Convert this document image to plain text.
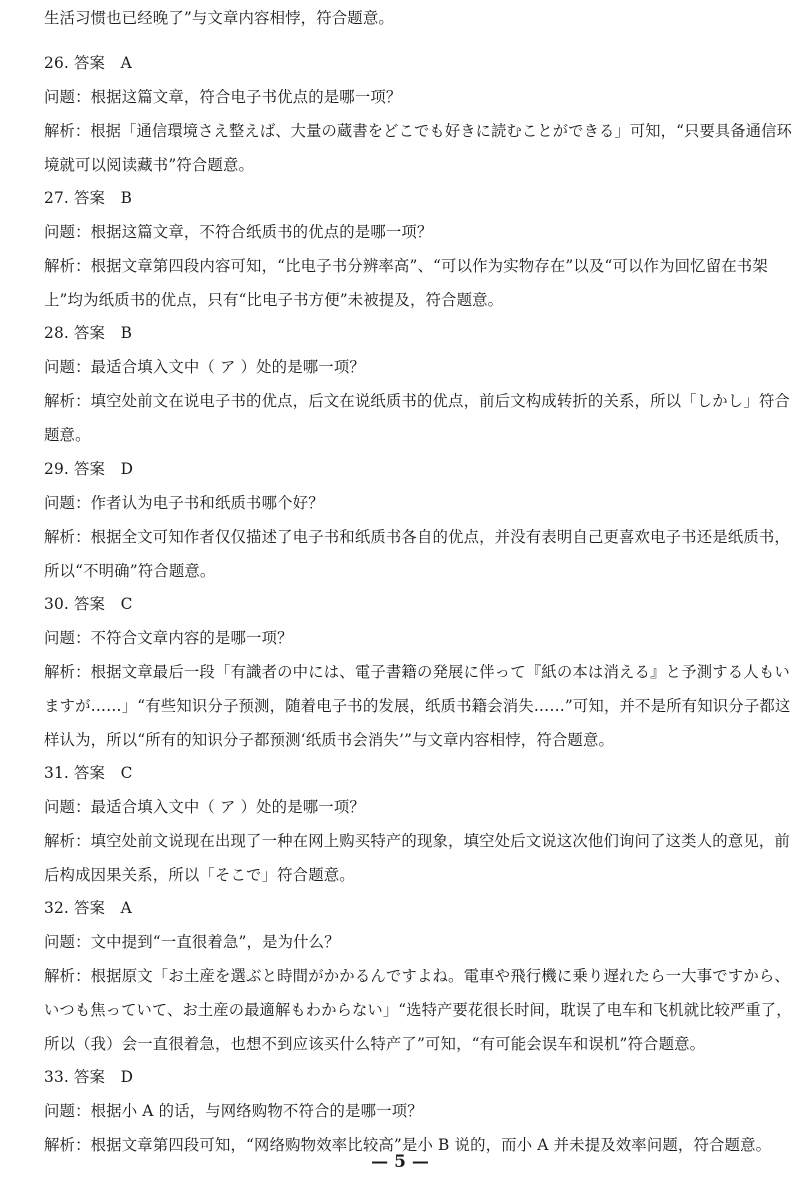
生活习惯也已经晚了”与文章内容相悖，符合题意。
26. 答案　A
问题：根据这篇文章，符合电子书优点的是哪一项？
解析：根据「通信環境さえ整えば、大量の蔵書をどこでも好きに読むことができる」可知，“只要具备通信环
境就可以阅读藏书”符合题意。
27. 答案　B
问题：根据这篇文章，不符合纸质书的优点的是哪一项？
解析：根据文章第四段内容可知，“比电子书分辨率高”、“可以作为实物存在”以及“可以作为回忆留在书架
上”均为纸质书的优点，只有“比电子书方便”未被提及，符合题意。
28. 答案　B
问题：最适合填入文中（ ア ）处的是哪一项？
解析：填空处前文在说电子书的优点，后文在说纸质书的优点，前后文构成转折的关系，所以「しかし」符合
题意。
29. 答案　D
问题：作者认为电子书和纸质书哪个好？
解析：根据全文可知作者仅仅描述了电子书和纸质书各自的优点，并没有表明自己更喜欢电子书还是纸质书，
所以“不明确”符合题意。
30. 答案　C
问题：不符合文章内容的是哪一项？
解析：根据文章最后一段「有識者の中には、電子書籍の発展に伴って『紙の本は消える』と予測する人もい
ますが……」“有些知识分子预测，随着电子书的发展，纸质书籍会消失……”可知，并不是所有知识分子都这
样认为，所以“所有的知识分子都预测‘纸质书会消失’”与文章内容相悖，符合题意。
31. 答案　C
问题：最适合填入文中（ ア ）处的是哪一项？
解析：填空处前文说现在出现了一种在网上购买特产的现象，填空处后文说这次他们询问了这类人的意见，前
后构成因果关系，所以「そこで」符合题意。
32. 答案　A
问题：文中提到“一直很着急”，是为什么？
解析：根据原文「お土産を選ぶと時間がかかるんですよね。電車や飛行機に乗り遅れたら一大事ですから、
いつも焦っていて、お土産の最適解もわからない」“选特产要花很长时间，耽误了电车和飞机就比较严重了，
所以（我）会一直很着急，也想不到应该买什么特产了”可知，“有可能会误车和误机”符合题意。
33. 答案　D
问题：根据小 A 的话，与网络购物不符合的是哪一项？
解析：根据文章第四段可知，“网络购物效率比较高”是小 B 说的，而小 A 并未提及效率问题，符合题意。
— 5 —
